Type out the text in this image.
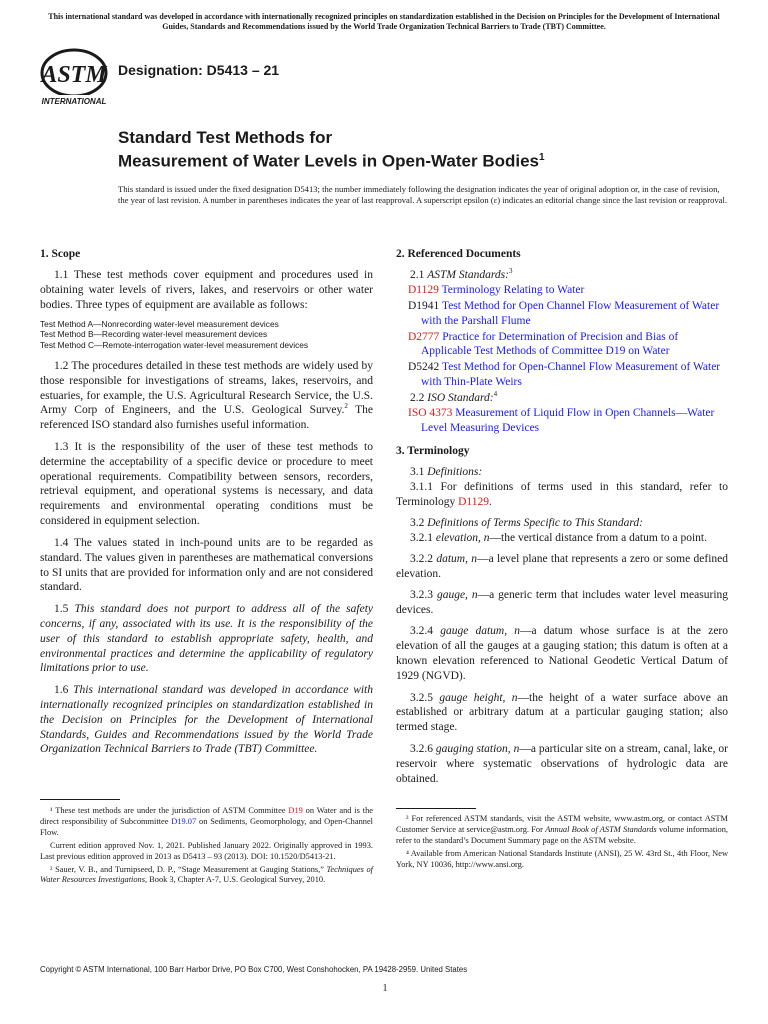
This international standard was developed in accordance with internationally recognized principles on standardization established in the Decision on Principles for the Development of International Guides, Standards and Recommendations issued by the World Trade Organization Technical Barriers to Trade (TBT) Committee.
ASTM
INTERNATIONAL
Designation: D5413 – 21
Standard Test Methods for
Measurement of Water Levels in Open-Water Bodies$^1$
This standard is issued under the fixed designation D5413; the number immediately following the designation indicates the year of original adoption or, in the case of revision, the year of last revision. A number in parentheses indicates the year of last reapproval. A superscript epsilon (ε) indicates an editorial change since the last revision or reapproval.
1. Scope

1.1 These test methods cover equipment and procedures used in obtaining water levels of rivers, lakes, and reservoirs or other water bodies. Three types of equipment are available as follows:

Test Method A—Nonrecording water-level measurement devices
Test Method B—Recording water-level measurement devices
Test Method C—Remote-interrogation water-level measurement devices

1.2 The procedures detailed in these test methods are widely used by those responsible for investigations of streams, lakes, reservoirs, and estuaries, for example, the U.S. Agricultural Research Service, the U.S. Army Corp of Engineers, and the U.S. Geological Survey.$^2$ The referenced ISO standard also furnishes useful information.

1.3 It is the responsibility of the user of these test methods to determine the acceptability of a specific device or procedure to meet operational requirements. Compatibility between sensors, recorders, retrieval equipment, and operational systems is necessary, and data requirements and environmental operating conditions must be considered in equipment selection.

1.4 The values stated in inch-pound units are to be regarded as standard. The values given in parentheses are mathematical conversions to SI units that are provided for information only and are not considered standard.

1.5 This standard does not purport to address all of the safety concerns, if any, associated with its use. It is the responsibility of the user of this standard to establish appropriate safety, health, and environmental practices and determine the applicability of regulatory limitations prior to use.

1.6 This international standard was developed in accordance with internationally recognized principles on standardization established in the Decision on Principles for the Development of International Standards, Guides and Recommendations issued by the World Trade Organization Technical Barriers to Trade (TBT) Committee.

¹ These test methods are under the jurisdiction of ASTM Committee D19 on Water and is the direct responsibility of Subcommittee D19.07 on Sediments, Geomorphology, and Open-Channel Flow.

Current edition approved Nov. 1, 2021. Published January 2022. Originally approved in 1993. Last previous edition approved in 2013 as D5413 – 93 (2013). DOI: 10.1520/D5413-21.

² Sauer, V. B., and Turnipseed, D. P., “Stage Measurement at Gauging Stations,” Techniques of Water Resources Investigations, Book 3, Chapter A-7, U.S. Geological Survey, 2010.

2. Referenced Documents

2.1 ASTM Standards:$^3$

D1129 Terminology Relating to Water
D1941 Test Method for Open Channel Flow Measurement of Water with the Parshall Flume
D2777 Practice for Determination of Precision and Bias of Applicable Test Methods of Committee D19 on Water
D5242 Test Method for Open-Channel Flow Measurement of Water with Thin-Plate Weirs

2.2 ISO Standard:$^4$

ISO 4373 Measurement of Liquid Flow in Open Channels—Water Level Measuring Devices
3. Terminology

3.1 Definitions:

3.1.1 For definitions of terms used in this standard, refer to Terminology D1129.

3.2 Definitions of Terms Specific to This Standard:

3.2.1 elevation, n—the vertical distance from a datum to a point.

3.2.2 datum, n—a level plane that represents a zero or some defined elevation.

3.2.3 gauge, n—a generic term that includes water level measuring devices.

3.2.4 gauge datum, n—a datum whose surface is at the zero elevation of all the gauges at a gauging station; this datum is often at a known elevation referenced to National Geodetic Vertical Datum of 1929 (NGVD).

3.2.5 gauge height, n—the height of a water surface above an established or arbitrary datum at a particular gauging station; also termed stage.

3.2.6 gauging station, n—a particular site on a stream, canal, lake, or reservoir where systematic observations of hydrologic data are obtained.

³ For referenced ASTM standards, visit the ASTM website, www.astm.org, or contact ASTM Customer Service at service@astm.org. For Annual Book of ASTM Standards volume information, refer to the standard’s Document Summary page on the ASTM website.

⁴ Available from American National Standards Institute (ANSI), 25 W. 43rd St., 4th Floor, New York, NY 10036, http://www.ansi.org.

Copyright © ASTM International, 100 Barr Harbor Drive, PO Box C700, West Conshohocken, PA 19428-2959. United States
1
